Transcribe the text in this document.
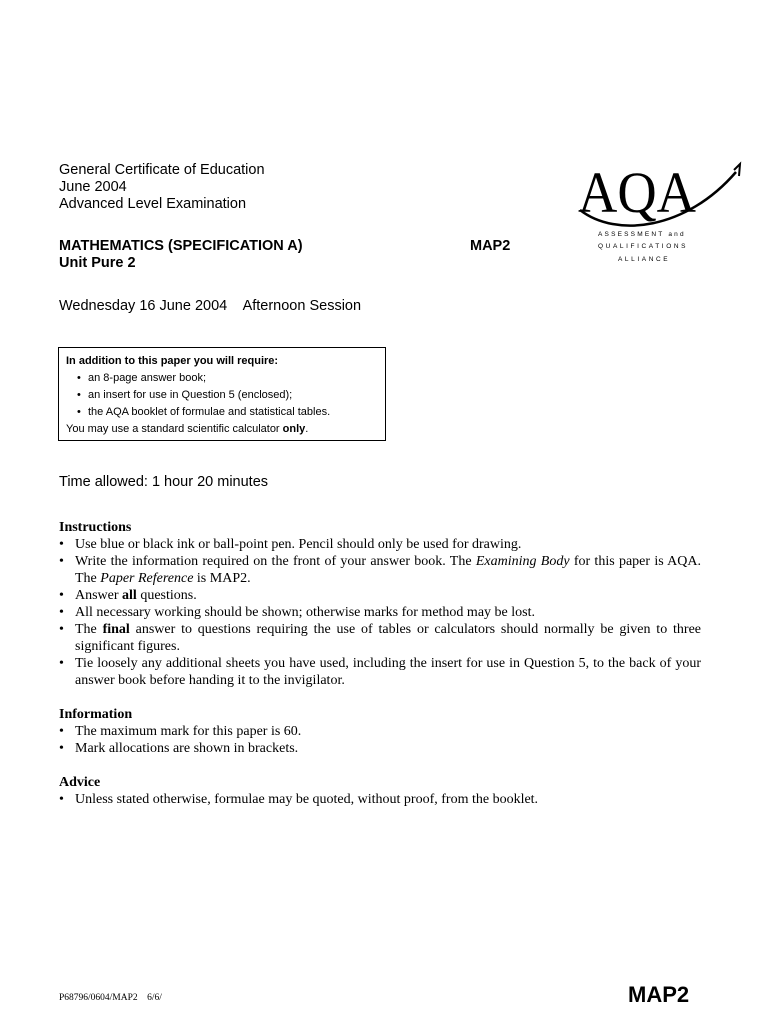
General Certificate of Education
June 2004
Advanced Level Examination	AQA
ASSESSMENT and
QUALIFICATIONS
ALLIANCE
MATHEMATICS (SPECIFICATION A)	MAP2
Unit Pure 2
Wednesday 16 June 2004 Afternoon Session
In addition to this paper you will require:
• an 8-page answer book;
• an insert for use in Question 5 (enclosed);
• the AQA booklet of formulae and statistical tables.
You may use a standard scientific calculator only.
Time allowed: 1 hour 20 minutes
Instructions
• Use blue or black ink or ball-point pen. Pencil should only be used for drawing.
• Write the information required on the front of your answer book. The Examining Body for this paper is AQA. The Paper Reference is MAP2.
• Answer all questions.
• All necessary working should be shown; otherwise marks for method may be lost.
• The final answer to questions requiring the use of tables or calculators should normally be given to three significant figures.
• Tie loosely any additional sheets you have used, including the insert for use in Question 5, to the back of your answer book before handing it to the invigilator.
Information
• The maximum mark for this paper is 60.
• Mark allocations are shown in brackets.
Advice
• Unless stated otherwise, formulae may be quoted, without proof, from the booklet.
P68796/0604/MAP2    6/6/	MAP2
